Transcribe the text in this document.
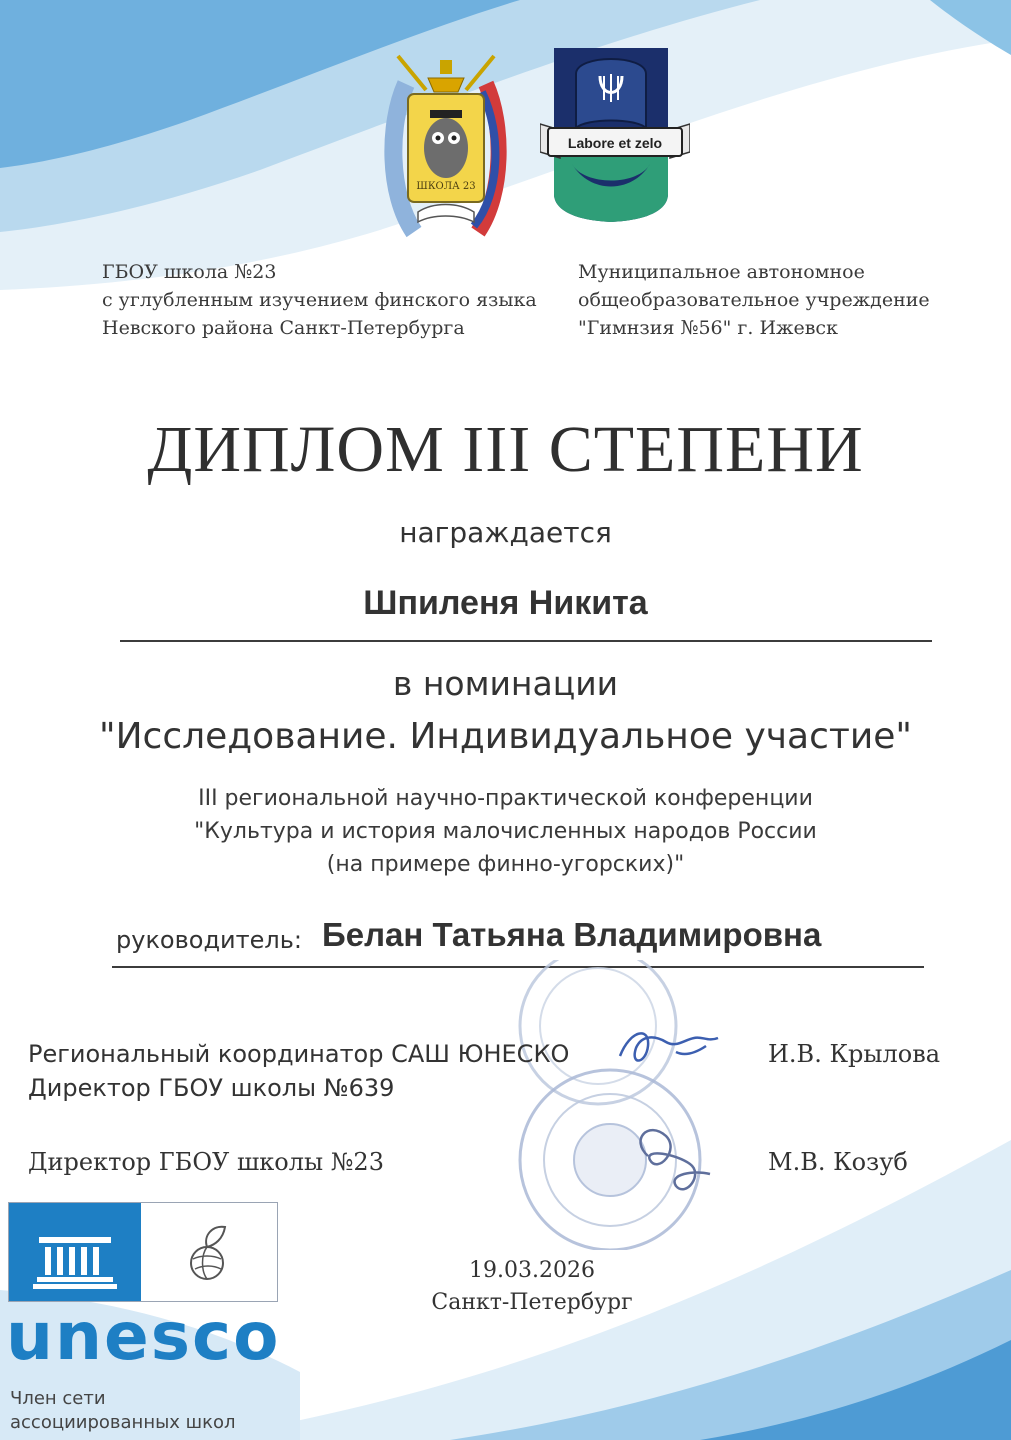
ШКОЛА 23
Labore et zelo
ГБОУ школа №23
с углубленным изучением финского языка
Невского района Санкт-Петербурга
Муниципальное автономное
общеобразовательное учреждение
"Гимнзия №56" г. Ижевск
ДИПЛОМ III СТЕПЕНИ
награждается
Шпиленя Никита
в номинации
"Исследование. Индивидуальное участие"
III региональной научно-практической конференции
"Культура и история малочисленных народов России
(на примере финно-угорских)"
руководитель: Белан Татьяна Владимировна
Региональный координатор САШ ЮНЕСКО
Директор ГБОУ школы №639
И.В. Крылова
Директор ГБОУ школы №23	М.В. Козуб
19.03.2026
Санкт-Петербург
unesco
Член сети
ассоциированных школ
